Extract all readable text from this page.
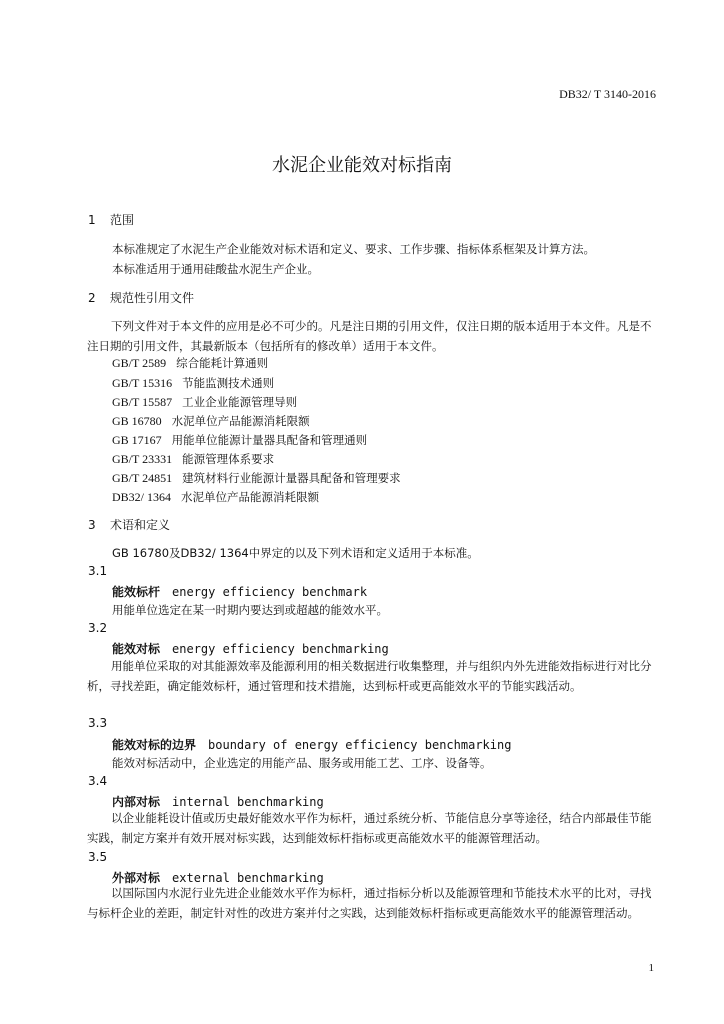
DB32/ T 3140-2016
水泥企业能效对标指南
1 范围
本标准规定了水泥生产企业能效对标术语和定义、要求、工作步骤、指标体系框架及计算方法。
本标准适用于通用硅酸盐水泥生产企业。
2 规范性引用文件
下列文件对于本文件的应用是必不可少的。凡是注日期的引用文件，仅注日期的版本适用于本文件。凡是不注日期的引用文件，其最新版本（包括所有的修改单）适用于本文件。
GB/T 2589 综合能耗计算通则
GB/T 15316 节能监测技术通则
GB/T 15587 工业企业能源管理导则
GB 16780 水泥单位产品能源消耗限额
GB 17167 用能单位能源计量器具配备和管理通则
GB/T 23331 能源管理体系要求
GB/T 24851 建筑材料行业能源计量器具配备和管理要求
DB32/ 1364 水泥单位产品能源消耗限额
3 术语和定义
GB 16780及DB32/ 1364中界定的以及下列术语和定义适用于本标准。
3.1
能效标杆 energy efficiency benchmark
用能单位选定在某一时期内要达到或超越的能效水平。
3.2
能效对标 energy efficiency benchmarking
用能单位采取的对其能源效率及能源利用的相关数据进行收集整理，并与组织内外先进能效指标进行对比分析，寻找差距，确定能效标杆，通过管理和技术措施，达到标杆或更高能效水平的节能实践活动。
3.3
能效对标的边界 boundary of energy efficiency benchmarking
能效对标活动中，企业选定的用能产品、服务或用能工艺、工序、设备等。
3.4
内部对标 internal benchmarking
以企业能耗设计值或历史最好能效水平作为标杆，通过系统分析、节能信息分享等途径，结合内部最佳节能实践，制定方案并有效开展对标实践，达到能效标杆指标或更高能效水平的能源管理活动。
3.5
外部对标 external benchmarking
以国际国内水泥行业先进企业能效水平作为标杆，通过指标分析以及能源管理和节能技术水平的比对，寻找与标杆企业的差距，制定针对性的改进方案并付之实践，达到能效标杆指标或更高能效水平的能源管理活动。
1
